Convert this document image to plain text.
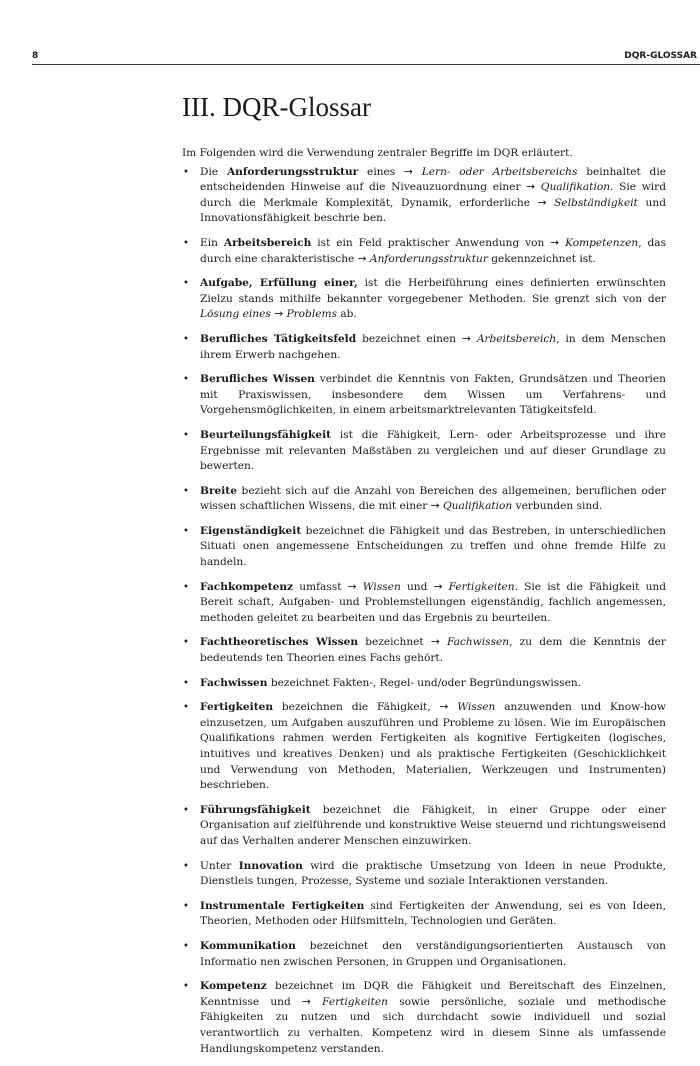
8	DQR-GLOSSAR
III. DQR-Glossar

Im Folgenden wird die Verwendung zentraler Begriffe im DQR erläutert.

• Die Anforderungsstruktur eines → Lern- oder Arbeitsbereichs beinhaltet die entscheidenden Hinweise auf die Niveauzuordnung einer → Qualifikation. Sie wird durch die Merkmale Komplexität, Dynamik, erforderliche → Selbständigkeit und Innovationsfähigkeit beschrie ben.
• Ein Arbeitsbereich ist ein Feld praktischer Anwendung von → Kompetenzen, das durch eine charakteristische → Anforderungsstruktur gekennzeichnet ist.
• Aufgabe, Erfüllung einer, ist die Herbeiführung eines definierten erwünschten Zielzu stands mithilfe bekannter vorgegebener Methoden. Sie grenzt sich von der Lösung eines → Problems ab.
• Berufliches Tätigkeitsfeld bezeichnet einen → Arbeitsbereich, in dem Menschen ihrem Erwerb nachgehen.
• Berufliches Wissen verbindet die Kenntnis von Fakten, Grundsätzen und Theorien mit Praxiswissen, insbesondere dem Wissen um Verfahrens- und Vorgehensmöglichkeiten, in einem arbeitsmarktrelevanten Tätigkeitsfeld.
• Beurteilungsfähigkeit ist die Fähigkeit, Lern- oder Arbeitsprozesse und ihre Ergebnisse mit relevanten Maßstäben zu vergleichen und auf dieser Grundlage zu bewerten.
• Breite bezieht sich auf die Anzahl von Bereichen des allgemeinen, beruflichen oder wissen schaftlichen Wissens, die mit einer → Qualifikation verbunden sind.
• Eigenständigkeit bezeichnet die Fähigkeit und das Bestreben, in unterschiedlichen Situati onen angemessene Entscheidungen zu treffen und ohne fremde Hilfe zu handeln.
• Fachkompetenz umfasst → Wissen und → Fertigkeiten. Sie ist die Fähigkeit und Bereit schaft, Aufgaben- und Problemstellungen eigenständig, fachlich angemessen, methoden geleitet zu bearbeiten und das Ergebnis zu beurteilen.
• Fachtheoretisches Wissen bezeichnet → Fachwissen, zu dem die Kenntnis der bedeutends ten Theorien eines Fachs gehört.
• Fachwissen bezeichnet Fakten-, Regel- und/oder Begründungswissen.
• Fertigkeiten bezeichnen die Fähigkeit, → Wissen anzuwenden und Know-how einzusetzen, um Aufgaben auszuführen und Probleme zu lösen. Wie im Europäischen Qualifikations rahmen werden Fertigkeiten als kognitive Fertigkeiten (logisches, intuitives und kreatives Denken) und als praktische Fertigkeiten (Geschicklichkeit und Verwendung von Methoden, Materialien, Werkzeugen und Instrumenten) beschrieben.
• Führungsfähigkeit bezeichnet die Fähigkeit, in einer Gruppe oder einer Organisation auf zielführende und konstruktive Weise steuernd und richtungsweisend auf das Verhalten anderer Menschen einzuwirken.
• Unter Innovation wird die praktische Umsetzung von Ideen in neue Produkte, Dienstleis tungen, Prozesse, Systeme und soziale Interaktionen verstanden.
• Instrumentale Fertigkeiten sind Fertigkeiten der Anwendung, sei es von Ideen, Theorien, Methoden oder Hilfsmitteln, Technologien und Geräten.
• Kommunikation bezeichnet den verständigungsorientierten Austausch von Informatio nen zwischen Personen, in Gruppen und Organisationen.
• Kompetenz bezeichnet im DQR die Fähigkeit und Bereitschaft des Einzelnen, Kenntnisse und → Fertigkeiten sowie persönliche, soziale und methodische Fähigkeiten zu nutzen und sich durchdacht sowie individuell und sozial verantwortlich zu verhalten. Kompetenz wird in diesem Sinne als umfassende Handlungskompetenz verstanden.
